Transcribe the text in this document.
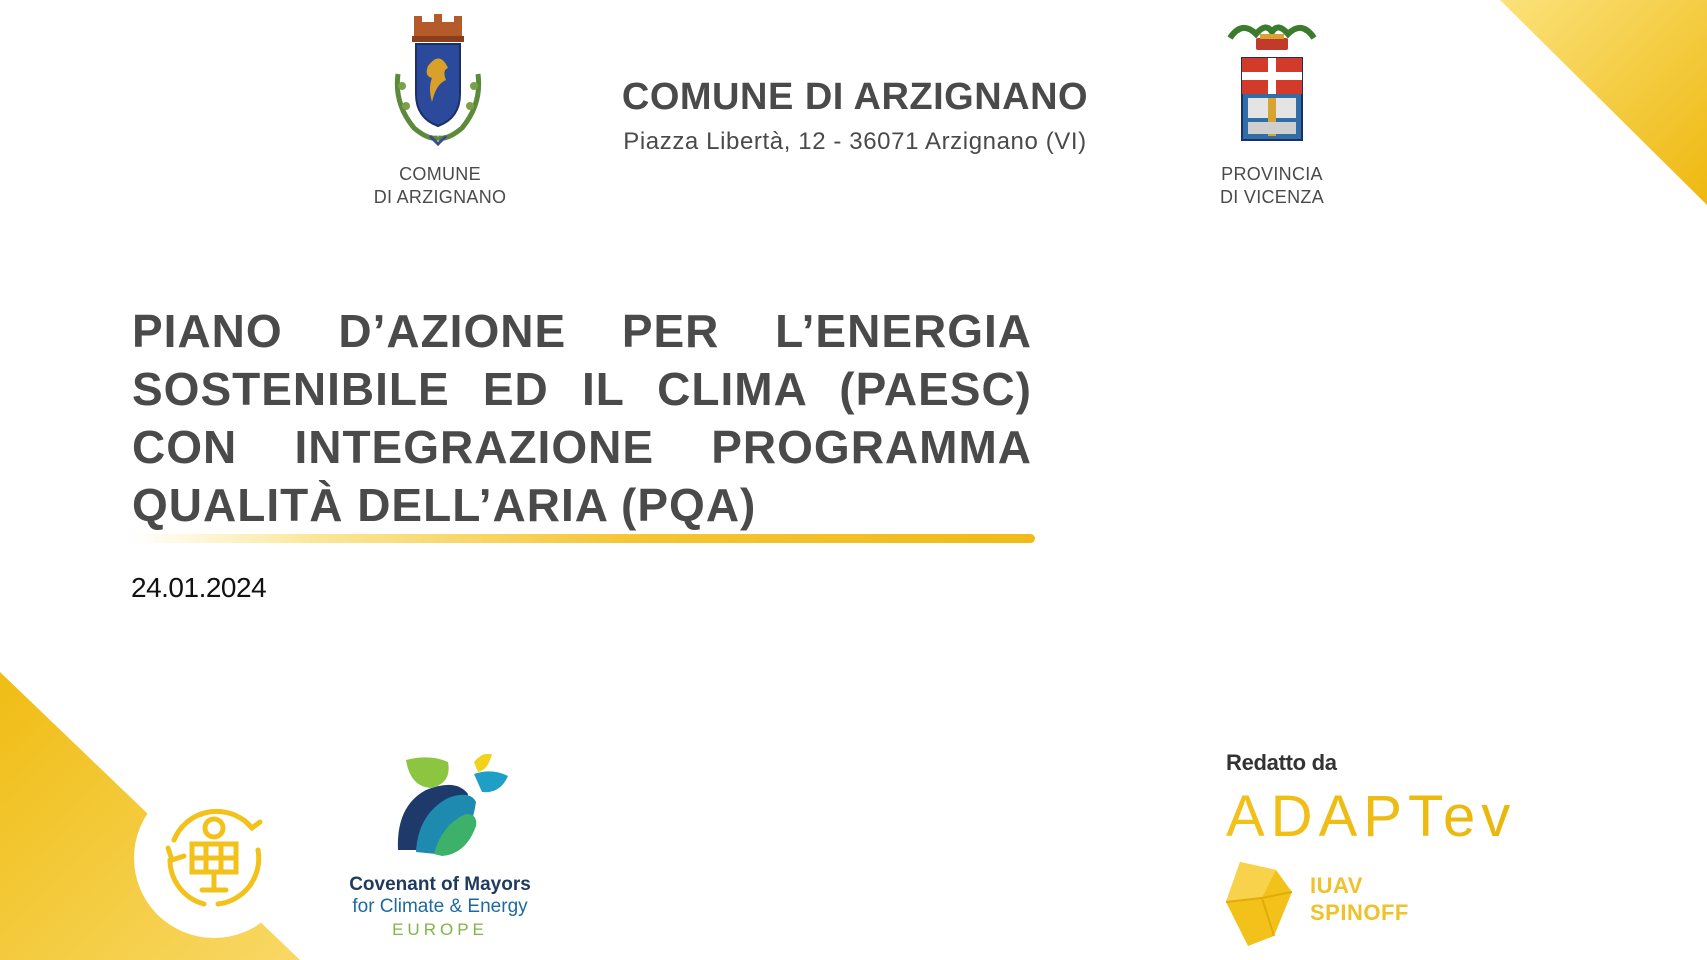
COMUNE
DI ARZIGNANO
PROVINCIA
DI VICENZA
COMUNE DI ARZIGNANO
Piazza Libertà, 12 - 36071 Arzignano (VI)
PIANO D’AZIONE PER L’ENERGIA
SOSTENIBILE ED IL CLIMA (PAESC)
CON INTEGRAZIONE PROGRAMMA
QUALITÀ DELL’ARIA (PQA)
24.01.2024
Covenant of Mayors
for Climate & Energy
EUROPE
Redatto da
ADAPTev
IUAV
SPINOFF
